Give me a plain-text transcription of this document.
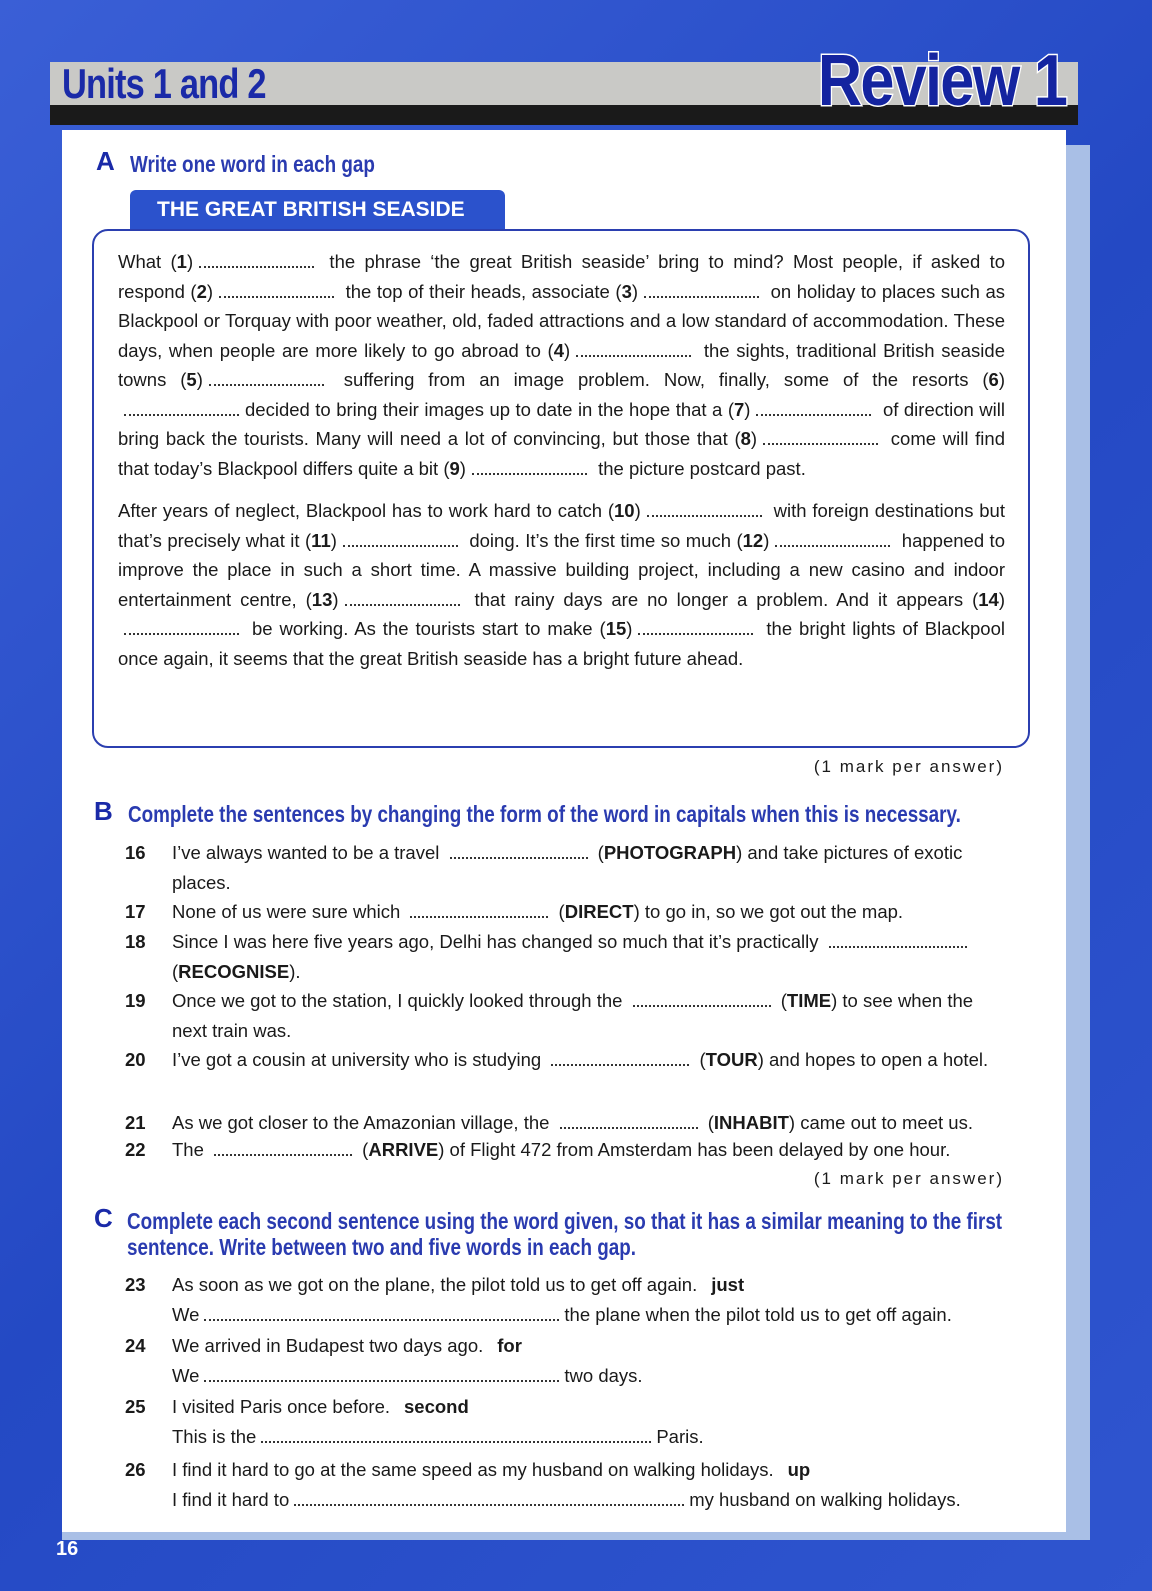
Units 1 and 2	Review 1
A Write one word in each gap
THE GREAT BRITISH SEASIDE

What (1)	the phrase ‘the great British seaside’ bring to mind? Most people, if asked to respond (2)	the top of their heads, associate (3)	on holiday to places such as Blackpool or Torquay with poor weather, old, faded attractions and a low standard of accommodation. These days, when people are more likely to go abroad to (4)	the sights, traditional British seaside towns (5)	suffering from an image problem. Now, finally, some of the resorts (6)decided to bring their images up to date in the hope that a (7)	of direction will bring back the tourists. Many will need a lot of convincing, but those that (8)	come will find that today’s Blackpool differs quite a bit (9)	the picture postcard past.

After years of neglect, Blackpool has to work hard to catch (10)	with foreign destinations but that’s precisely what it (11)	doing. It’s the first time so much (12)	happened to improve the place in such a short time. A massive building project, including a new casino and indoor entertainment centre, (13)	that rainy days are no longer a problem. And it appears (14) be working. As the tourists start to make (15)	the bright lights of Blackpool once again, it seems that the great British seaside has a bright future ahead.

(1 mark per answer)
B Complete the sentences by changing the form of the word in capitals when this is necessary.
16 I’ve always wanted to be a travel	(PHOTOGRAPH) and take pictures of exotic places.
17 None of us were sure which	(DIRECT) to go in, so we got out the map.
18 Since I was here five years ago, Delhi has changed so much that it’s practically  (RECOGNISE).
19 Once we got to the station, I quickly looked through the	(TIME) to see when the next train was.
20 I’ve got a cousin at university who is studying	(TOUR) and hopes to open a hotel.
21 As we got closer to the Amazonian village, the	(INHABIT) came out to meet us.
22 The	(ARRIVE) of Flight 472 from Amsterdam has been delayed by one hour.
(1 mark per answer)
C Complete each second sentence using the word given, so that it has a similar meaning to the first
sentence. Write between two and five words in each gap.
23 As soon as we got on the plane, the pilot told us to get off again. just
We	the plane when the pilot told us to get off again.
24 We arrived in Budapest two days ago. for
We	two days.
25 I visited Paris once before. second
This is the	Paris.
26 I find it hard to go at the same speed as my husband on walking holidays. up
I find it hard to	my husband on walking holidays.
16
